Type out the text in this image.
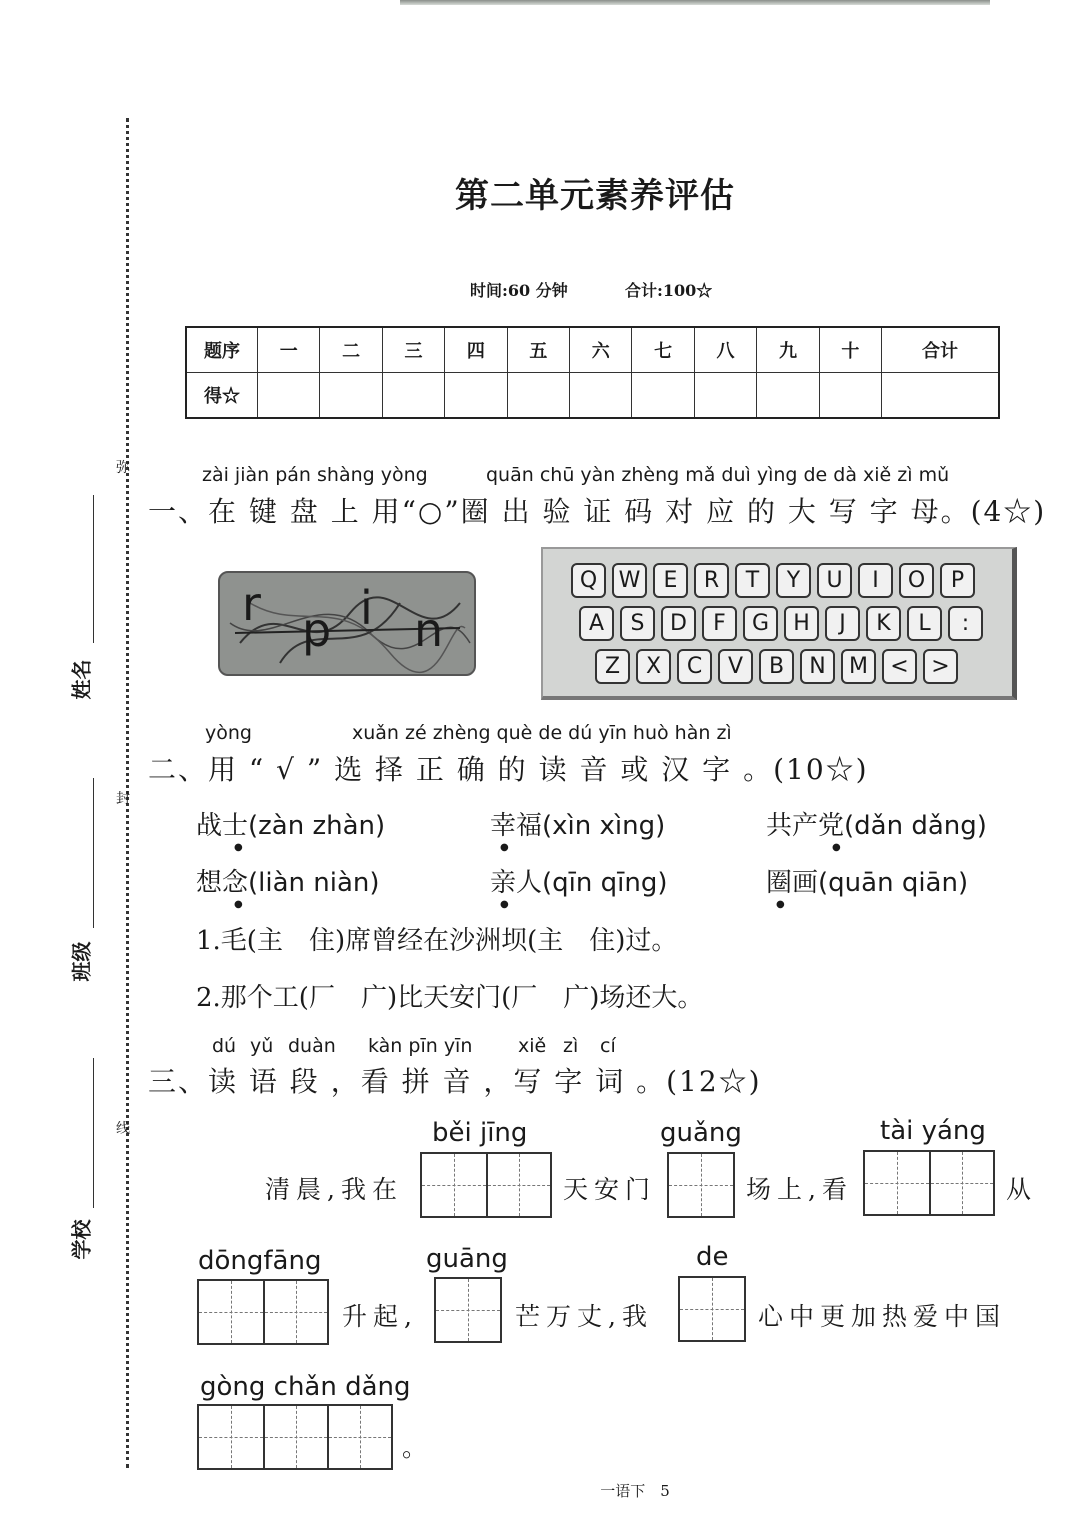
弥
封
线
姓名
班级
学校
第二单元素养评估
时间:60 分钟	合计:100☆
题序	一	二	三	四	五	六	七	八	九	十	合计
得☆											
zài jiàn pán shàng yòng	quān chū yàn zhèng mǎ duì yìng de dà xiě zì mǔ
一、在 键 盘 上 用“○”圈 出 验 证 码 对 应 的 大 写 字 母。(4☆)
r p i n
Q W	E	R	T	Y	U	I	O	P
A	S	D	F	G	H	J	K	L	:
Z	X	C	V	B	N	M	<	>
yòng	xuǎn zé zhèng què de dú yīn huò hàn zì
二、用 “ √ ” 选 择 正 确 的 读 音 或 汉 字 。(10☆)
战士(zàn zhàn)	幸福(xìn xìng)	共产党(dǎn dǎng)
想念(liàn niàn)	亲人(qīn qīng)	圈画(quān qiān)
●	●	●
●	●	●
1.毛(主　住)席曾经在沙洲坝(主　住)过。
2.那个工(厂　广)比天安门(厂　广)场还大。
dú yǔ duàn kàn pīn yīn xiě zì cí
三、读 语 段 ，看 拼 音 ，写 字 词 。(12☆)
běi jīng	guǎng	tài yáng
清晨,我在	天安门	场上,看	从
dōngfāng	guāng	de
升起,	芒万丈,我	心中更加热爱中国
gòng chǎn dǎng
。
一语下　5
